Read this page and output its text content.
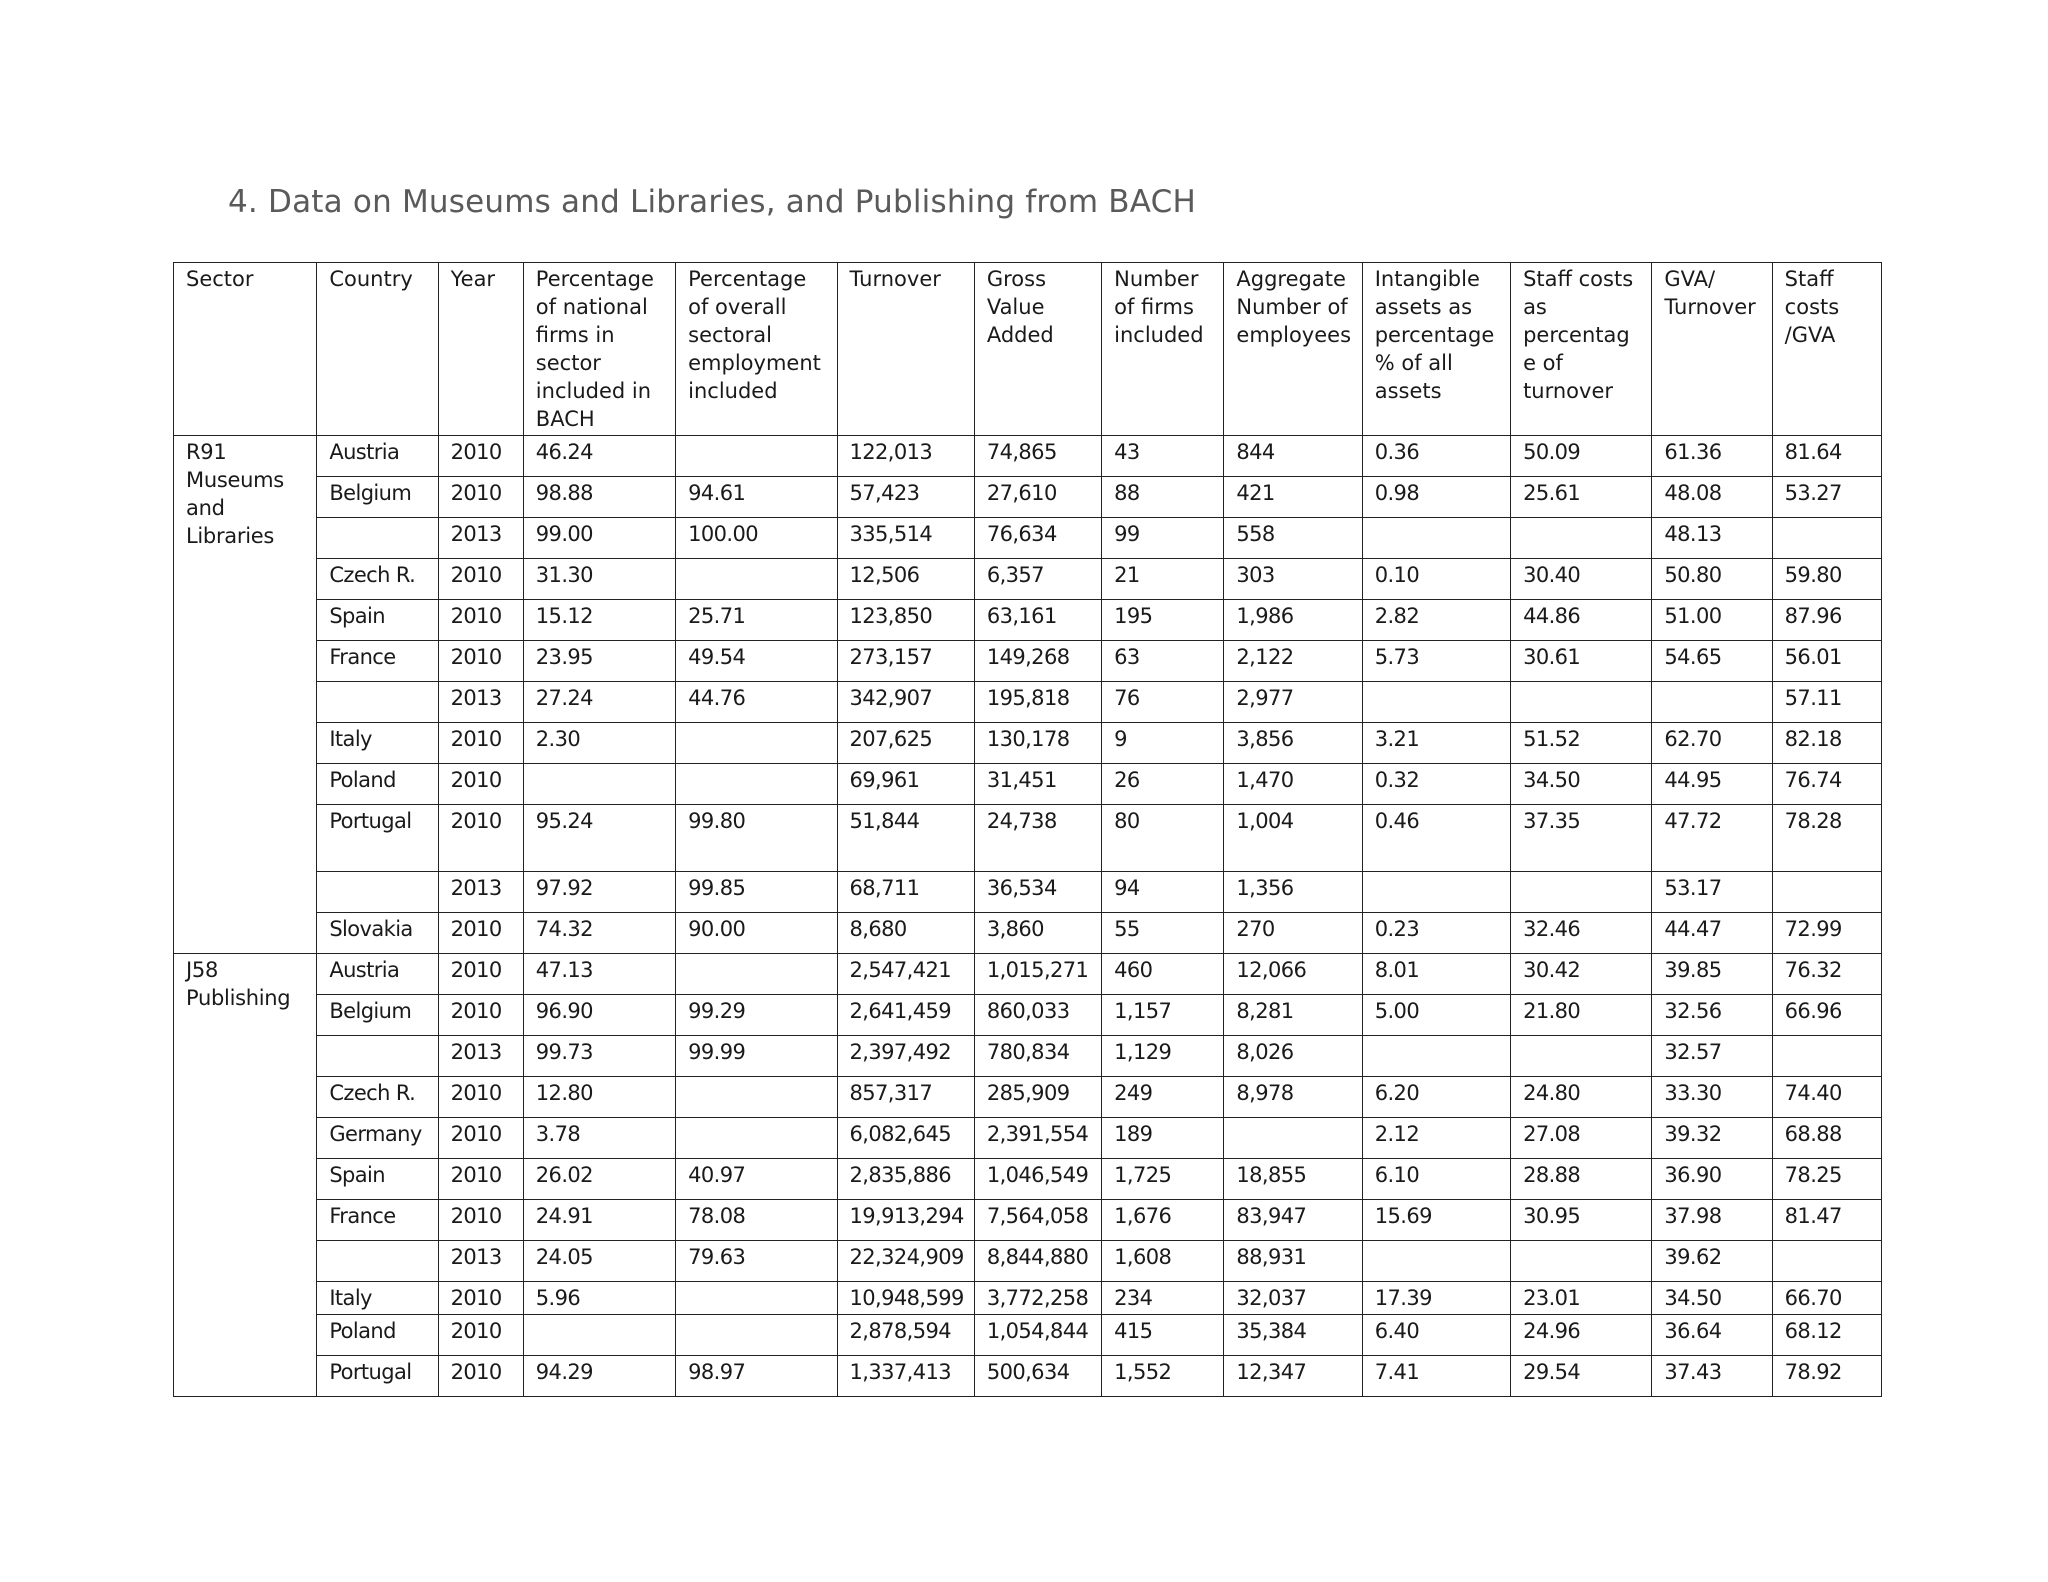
4. Data on Museums and Libraries, and Publishing from BACH
Sector	Country	Year	Percentage of national firms in sector included in BACH	Percentage of overall sectoral employment included	Turnover	Gross Value Added	Number of firms included	Aggregate Number of employees	Intangible assets as percentage% of all assets	Staff costs as percentage of turnover	GVA/ Turnover	Staff costs /GVA
R91 Museums and Libraries	Austria	2010	46.24		122,013	74,865	43	844	0.36	50.09	61.36	81.64
	Belgium	2010	98.88	94.61	57,423	27,610	88	421	0.98	25.61	48.08	53.27
		2013	99.00	100.00	335,514	76,634	99	558			48.13	
	Czech R.	2010	31.30		12,506	6,357	21	303	0.10	30.40	50.80	59.80
	Spain	2010	15.12	25.71	123,850	63,161	195	1,986	2.82	44.86	51.00	87.96
	France	2010	23.95	49.54	273,157	149,268	63	2,122	5.73	30.61	54.65	56.01
		2013	27.24	44.76	342,907	195,818	76	2,977				57.11
	Italy	2010	2.30		207,625	130,178	9	3,856	3.21	51.52	62.70	82.18
	Poland	2010			69,961	31,451	26	1,470	0.32	34.50	44.95	76.74
	Portugal	2010	95.24	99.80	51,844	24,738	80	1,004	0.46	37.35	47.72	78.28
		2013	97.92	99.85	68,711	36,534	94	1,356			53.17	
	Slovakia	2010	74.32	90.00	8,680	3,860	55	270	0.23	32.46	44.47	72.99
J58 Publishing	Austria	2010	47.13		2,547,421	1,015,271	460	12,066	8.01	30.42	39.85	76.32
	Belgium	2010	96.90	99.29	2,641,459	860,033	1,157	8,281	5.00	21.80	32.56	66.96
		2013	99.73	99.99	2,397,492	780,834	1,129	8,026			32.57	
	Czech R.	2010	12.80		857,317	285,909	249	8,978	6.20	24.80	33.30	74.40
	Germany	2010	3.78		6,082,645	2,391,554	189		2.12	27.08	39.32	68.88
	Spain	2010	26.02	40.97	2,835,886	1,046,549	1,725	18,855	6.10	28.88	36.90	78.25
	France	2010	24.91	78.08	19,913,294	7,564,058	1,676	83,947	15.69	30.95	37.98	81.47
		2013	24.05	79.63	22,324,909	8,844,880	1,608	88,931			39.62	
	Italy	2010	5.96		10,948,599	3,772,258	234	32,037	17.39	23.01	34.50	66.70
	Poland	2010			2,878,594	1,054,844	415	35,384	6.40	24.96	36.64	68.12
	Portugal	2010	94.29	98.97	1,337,413	500,634	1,552	12,347	7.41	29.54	37.43	78.92
